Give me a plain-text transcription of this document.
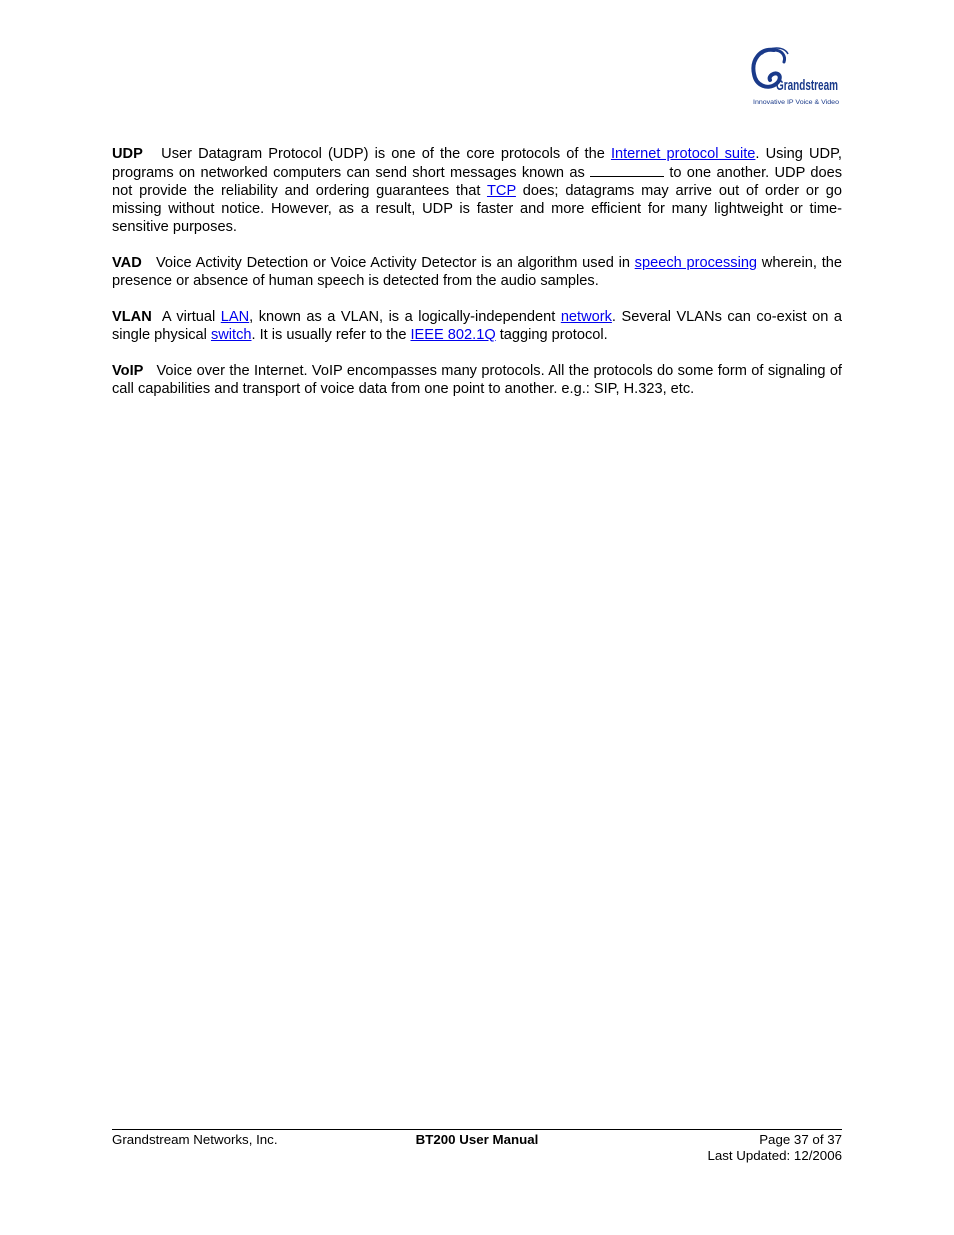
Grandstream
Innovative IP Voice & Video

UDP User Datagram Protocol (UDP) is one of the core protocols of the Internet protocol suite. Using UDP, programs on networked computers can send short messages known as	to one another. UDP does not provide the reliability and ordering guarantees that TCP does; datagrams may arrive out of order or go missing without notice. However, as a result, UDP is faster and more efficient for many lightweight or time-sensitive purposes.

VAD Voice Activity Detection or Voice Activity Detector is an algorithm used in speech processing wherein, the presence or absence of human speech is detected from the audio samples.

VLAN A virtual LAN, known as a VLAN, is a logically-independent network. Several VLANs can co-exist on a single physical switch. It is usually refer to the IEEE 802.1Q tagging protocol.

VoIP Voice over the Internet. VoIP encompasses many protocols. All the protocols do some form of signaling of call capabilities and transport of voice data from one point to another. e.g.: SIP, H.323, etc.

Grandstream Networks, Inc.	BT200 User Manual	Page 37 of 37
Last Updated: 12/2006
